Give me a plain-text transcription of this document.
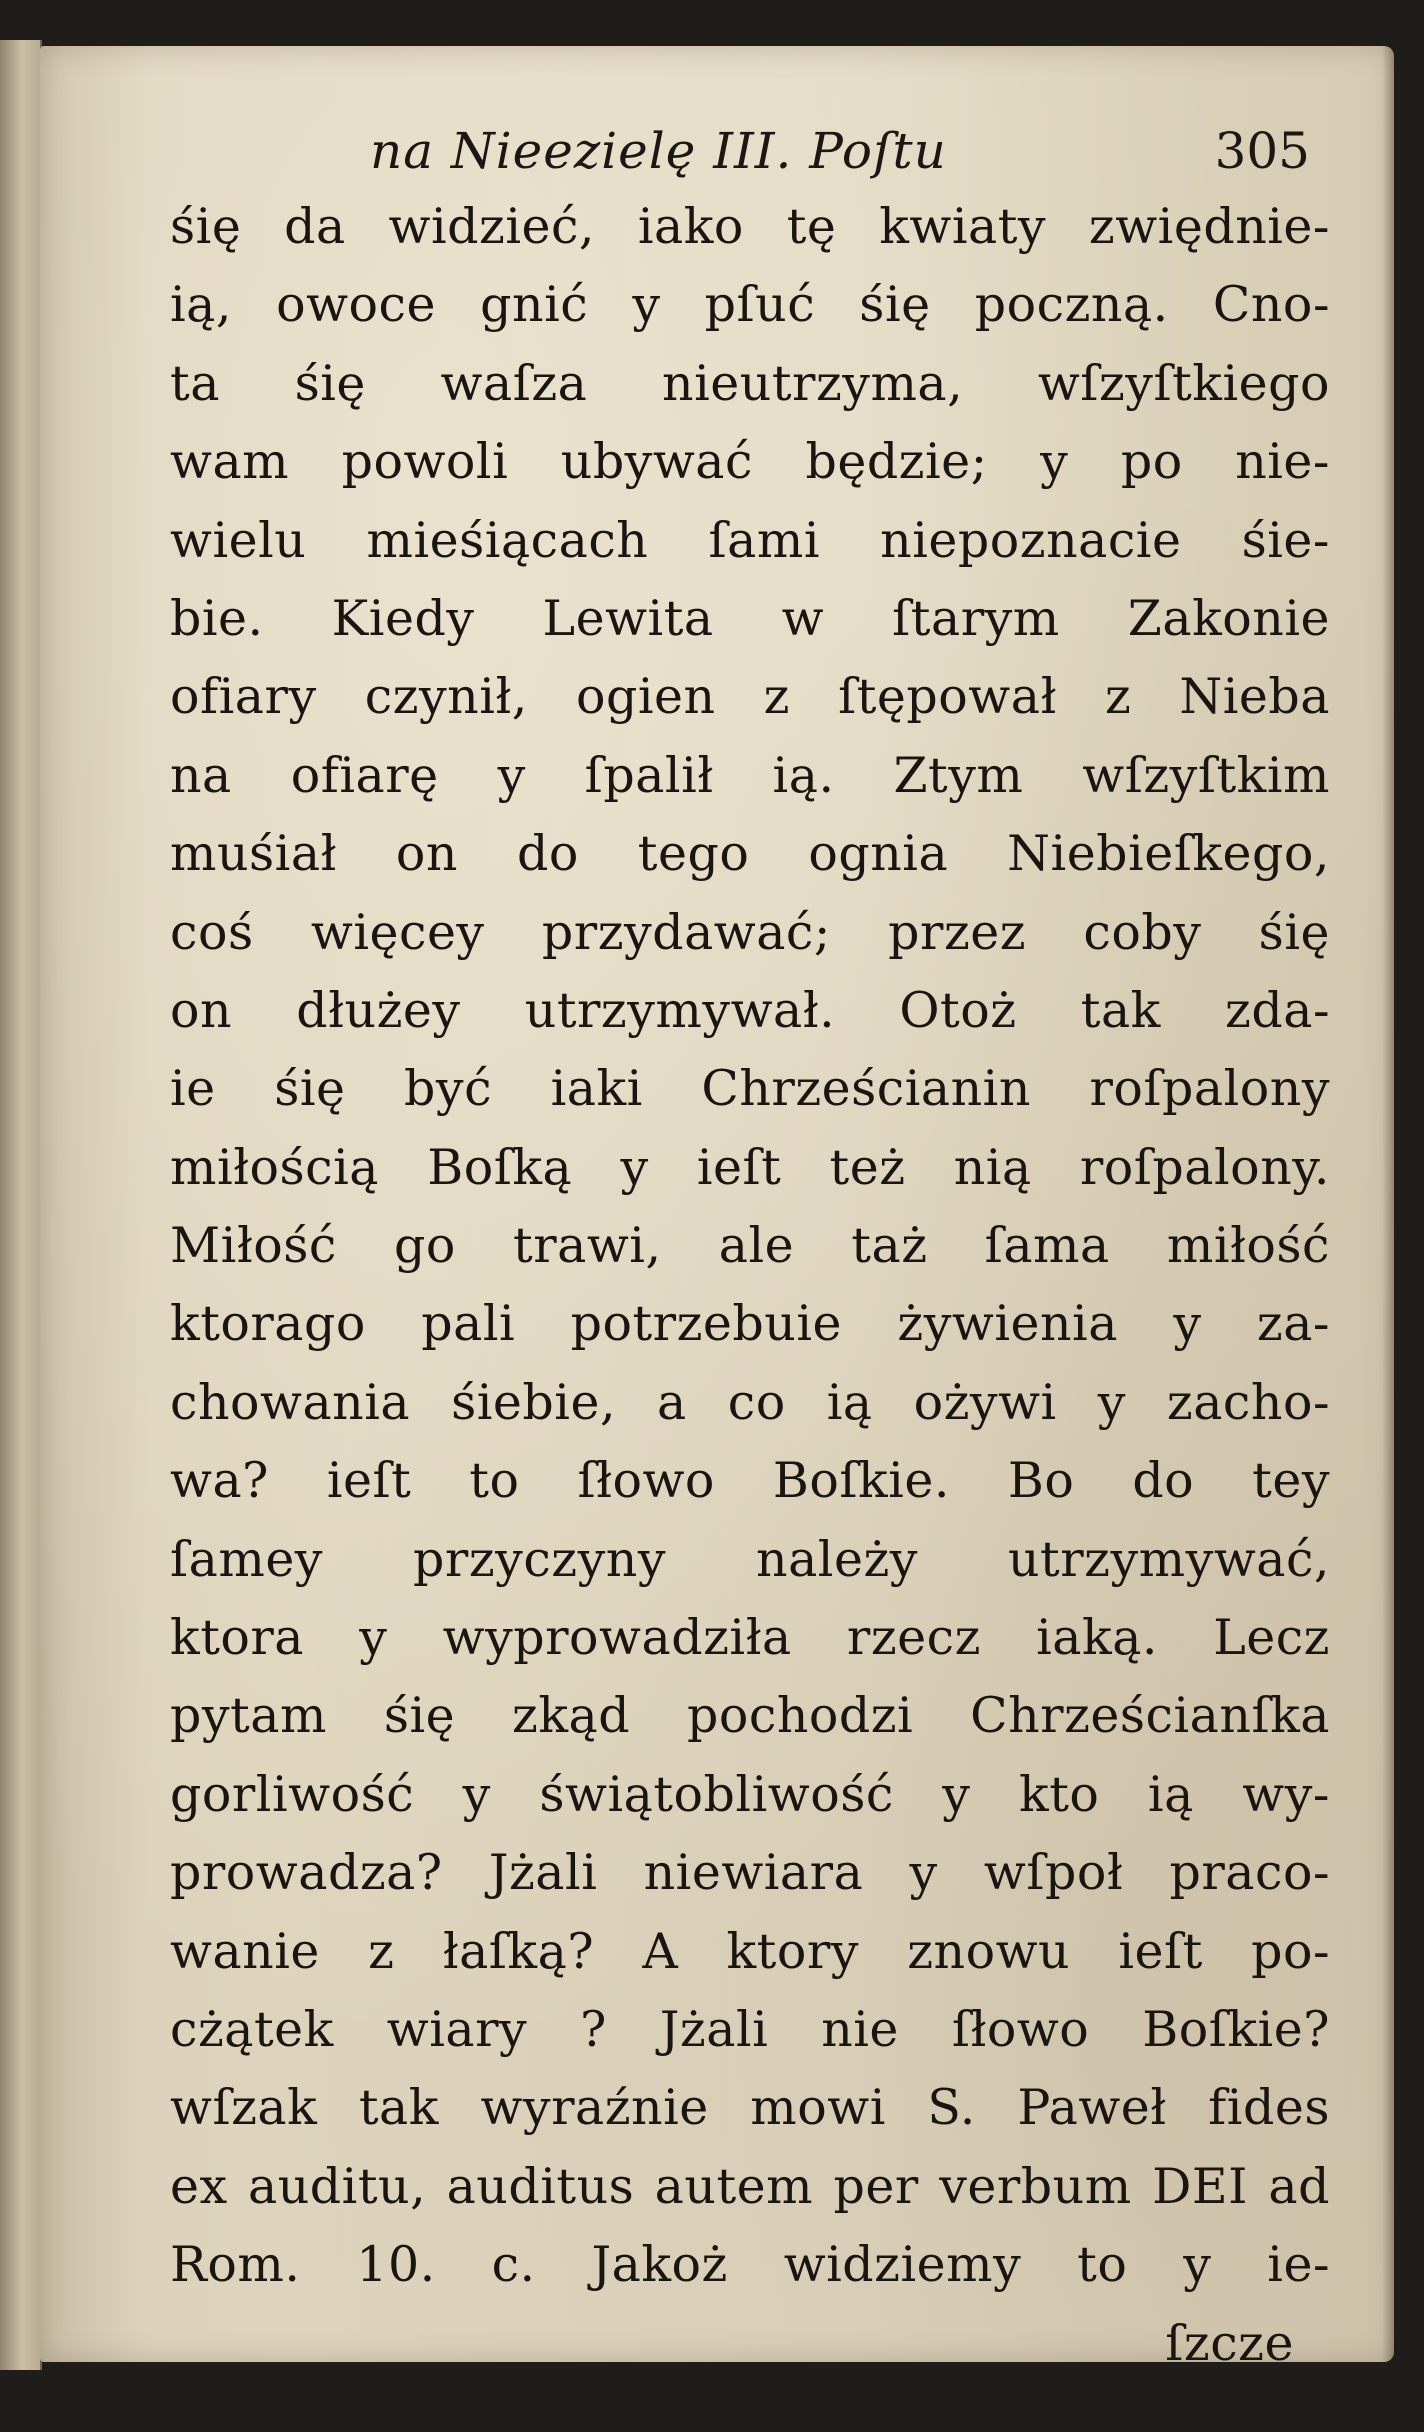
na Nieezielę III. Poſtu	305
śię da widzieć, iako tę kwiaty zwiędnie-
ią, owoce gnić y pſuć śię poczną. Cno-
ta śię waſza nieutrzyma, wſzyſtkiego
wam powoli ubywać będzie; y po nie-
wielu mieśiącach ſami niepoznacie śie-
bie. Kiedy Lewita w ſtarym Zakonie
ofiary czynił, ogien z ſtępował z Nieba
na ofiarę y ſpalił ią. Ztym wſzyſtkim
muśiał on do tego ognia Niebieſkego,
coś więcey przydawać; przez coby śię
on dłużey utrzymywał. Otoż tak zda-
ie śię być iaki Chrześcianin roſpalony
miłością Boſką y ieſt też nią roſpalony.
Miłość go trawi, ale taż ſama miłość
ktorago pali potrzebuie żywienia y za-
chowania śiebie, a co ią ożywi y zacho-
wa? ieſt to ſłowo Boſkie. Bo do tey
ſamey przyczyny należy utrzymywać,
ktora y wyprowadziła rzecz iaką. Lecz
pytam śię zkąd pochodzi Chrześcianſka
gorliwość y świątobliwość y kto ią wy-
prowadza? Jżali niewiara y wſpoł praco-
wanie z łaſką? A ktory znowu ieſt po-
cżątek wiary ? Jżali nie ſłowo Boſkie?
wſzak tak wyraźnie mowi S. Paweł fides
ex auditu, auditus autem per verbum DEI ad
Rom. 10. c. Jakoż widziemy to y ie-
ſzcze
